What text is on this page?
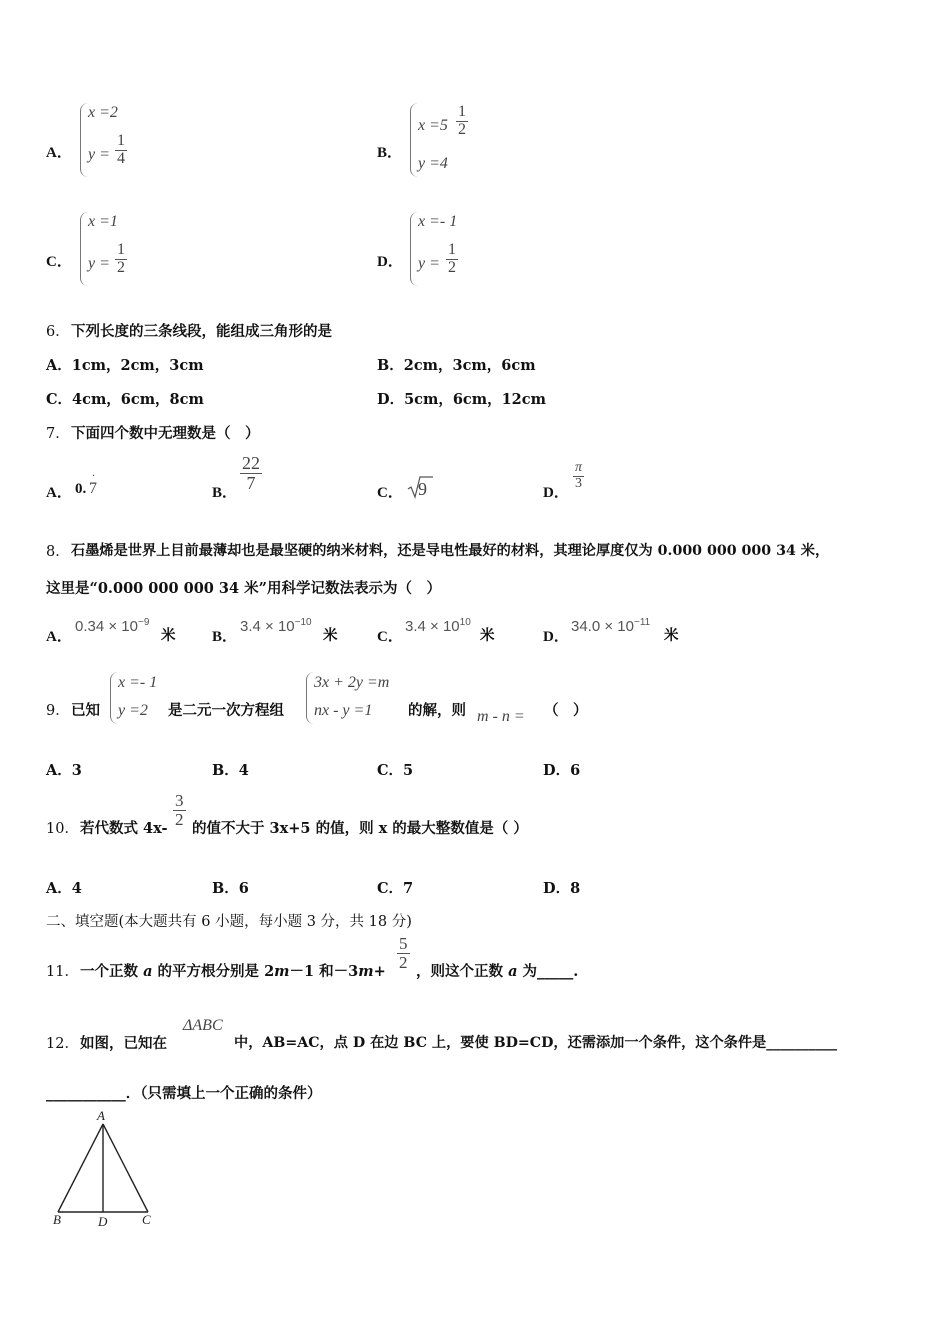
A．
x =2
$y = \frac{1}{4}$	B．
$x =5 \frac{1}{2}$
y =4
C．
x =1
$y = \frac{1}{2}$	D．
x =- 1
$y = \frac{1}{2}$
6． 下列长度的三条线段，能组成三角形的是
A．1cm，2cm，3cm	B．2cm，3cm，6cm
C．4cm，6cm，8cm	D．5cm，6cm，12cm
7． 下面四个数中无理数是（　）
A． 0. 7
·
B．
$\frac{22}{7}$
C． 9	D．
$\frac{\pi}{3}$
8． 石墨烯是世界上目前最薄却也是最坚硬的纳米材料，还是导电性最好的材料，其理论厚度仅为 0.000 000 000 34 米，
这里是“0.000 000 000 34 米”用科学记数法表示为（　）
A．
$0.34 \times 10^{-9}$
米 B．
$3.4 \times 10^{-10}$
米	C．
$3.4 \times 10^{10}$
米	D．
$34.0 \times 10^{-11}$
米
9． 已知
x =- 1
y =2 是二元一次方程组
3x + 2y =m
nx - y =1 的解，则 m - n = （　）
A．3	B．4	C．5	D．6
10． 若代数式 $4x- \frac{3}{2}$ 的值不大于 3x+5 的值，则 x 的最大整数值是（ ）
A．4	B．6	C．7	D．8
二、填空题(本大题共有 6 小题，每小题 3 分，共 18 分)
11． 一个正数 a 的平方根分别是 2m－1 和$-3m+ \frac{5}{2}$ ，则这个正数 a 为_____.
12． 如图，已知在
ΔABC
中，AB=AC，点 D 在边 BC 上，要使 BD=CD，还需添加一个条件，这个条件是__________
___________．（只需填上一个正确的条件）
A
B	D	C
